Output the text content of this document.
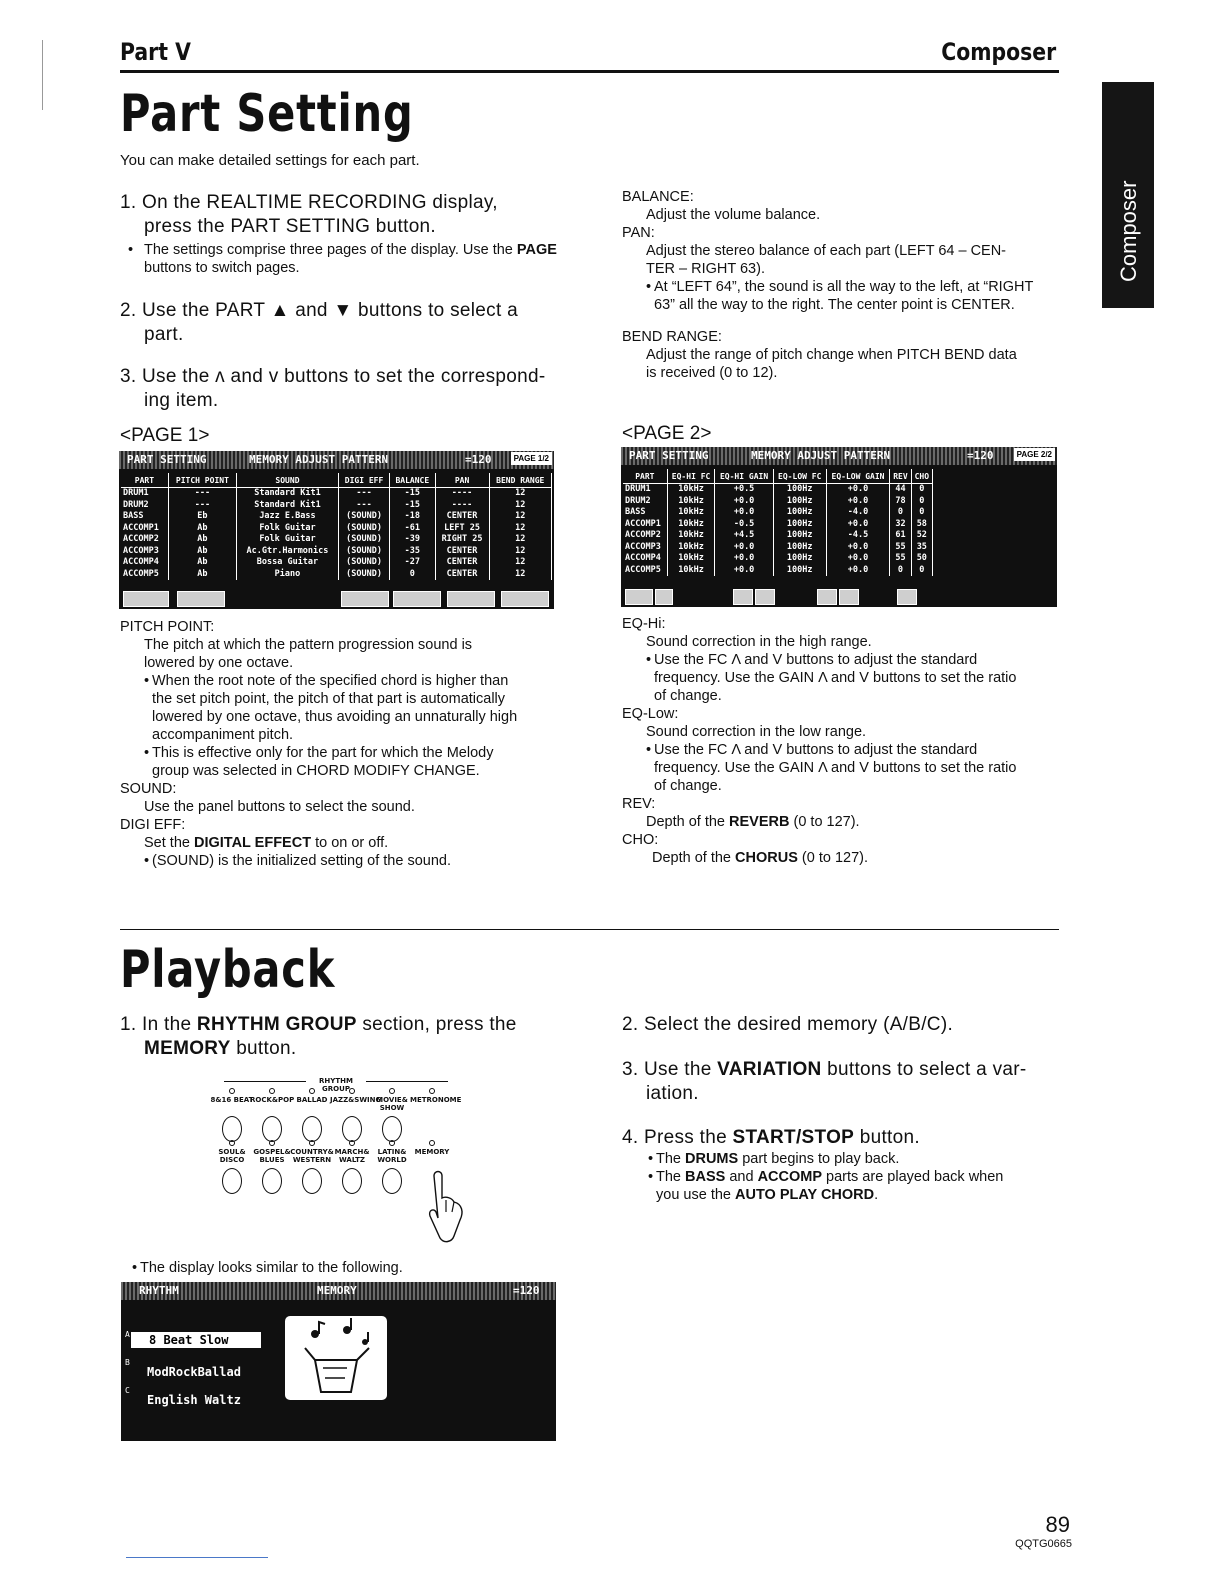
Part V	Composer
Composer
Part Setting
You can make detailed settings for each part.
1. On the REALTIME RECORDING display,
press the PART SETTING button.
• The settings comprise three pages of the display. Use the PAGE buttons to switch pages.
2. Use the PART ▲ and ▼ buttons to select a
part.
3. Use the ʌ and v buttons to set the correspond-
ing item.
<PAGE 1>
PART SETTING	MEMORY ADJUST PATTERN	=120	PAGE 1/2
PART	PITCH POINT	SOUND	DIGI EFF	BALANCE	PAN	BEND RANGE
DRUM1	---	Standard Kit1	---	-15	----	12
DRUM2	---	Standard Kit1	---	-15	----	12
BASS	Eb	Jazz E.Bass	(SOUND)	-18	CENTER	12
ACCOMP1	Ab	Folk Guitar	(SOUND)	-61	LEFT 25	12
ACCOMP2	Ab	Folk Guitar	(SOUND)	-39	RIGHT 25	12
ACCOMP3	Ab	Ac.Gtr.Harmonics	(SOUND)	-35	CENTER	12
ACCOMP4	Ab	Bossa Guitar	(SOUND)	-27	CENTER	12
ACCOMP5	Ab	Piano	(SOUND)	0	CENTER	12
PITCH POINT:
The pitch at which the pattern progression sound is
lowered by one octave.
• When the root note of the specified chord is higher than
the set pitch point, the pitch of that part is automatically
lowered by one octave, thus avoiding an unnaturally high
accompaniment pitch.
• This is effective only for the part for which the Melody
group was selected in CHORD MODIFY CHANGE.
SOUND:
Use the panel buttons to select the sound.
DIGI EFF:
Set the DIGITAL EFFECT to on or off.
• (SOUND) is the initialized setting of the sound.
BALANCE:
Adjust the volume balance.
PAN:
Adjust the stereo balance of each part (LEFT 64 – CEN-
TER – RIGHT 63).
• At “LEFT 64”, the sound is all the way to the left, at “RIGHT
63” all the way to the right. The center point is CENTER.
BEND RANGE:
Adjust the range of pitch change when PITCH BEND data
is received (0 to 12).
<PAGE 2>
PART SETTING	MEMORY ADJUST PATTERN	=120	PAGE 2/2
PART	EQ-HI FC	EQ-HI GAIN	EQ-LOW FC	EQ-LOW GAIN	REV	CHO
DRUM1	10kHz	+0.5	100Hz	+0.0	44	0
DRUM2	10kHz	+0.0	100Hz	+0.0	78	0
BASS	10kHz	+0.0	100Hz	-4.0	0	0
ACCOMP1	10kHz	-0.5	100Hz	+0.0	32	58
ACCOMP2	10kHz	+4.5	100Hz	-4.5	61	52
ACCOMP3	10kHz	+0.0	100Hz	+0.0	55	35
ACCOMP4	10kHz	+0.0	100Hz	+0.0	55	50
ACCOMP5	10kHz	+0.0	100Hz	+0.0	0	0
EQ-Hi:
Sound correction in the high range.
• Use the FC Λ and V buttons to adjust the standard
frequency. Use the GAIN Λ and V buttons to set the ratio
of change.
EQ-Low:
Sound correction in the low range.
• Use the FC Λ and V buttons to adjust the standard
frequency. Use the GAIN Λ and V buttons to set the ratio
of change.
REV:
Depth of the REVERB (0 to 127).
CHO:
Depth of the CHORUS (0 to 127).
Playback
1. In the RHYTHM GROUP section, press the
MEMORY button.
RHYTHM GROUP
8&16 BEAT
ROCK&POP BALLAD JAZZ&SWING
MOVIE& SHOW
METRONOME
SOUL& DISCO
GOSPEL& BLUES
COUNTRY& WESTERN
MARCH& WALTZ
LATIN& WORLD
MEMORY
• The display looks similar to the following.
RHYTHM	MEMORY	=120
A	8 Beat Slow
B
ModRockBallad
C
English Waltz
2. Select the desired memory (A/B/C).
3. Use the VARIATION buttons to select a var-
iation.
4. Press the START/STOP button.
• The DRUMS part begins to play back.
• The BASS and ACCOMP parts are played back when
you use the AUTO PLAY CHORD.
89
QQTG0665
